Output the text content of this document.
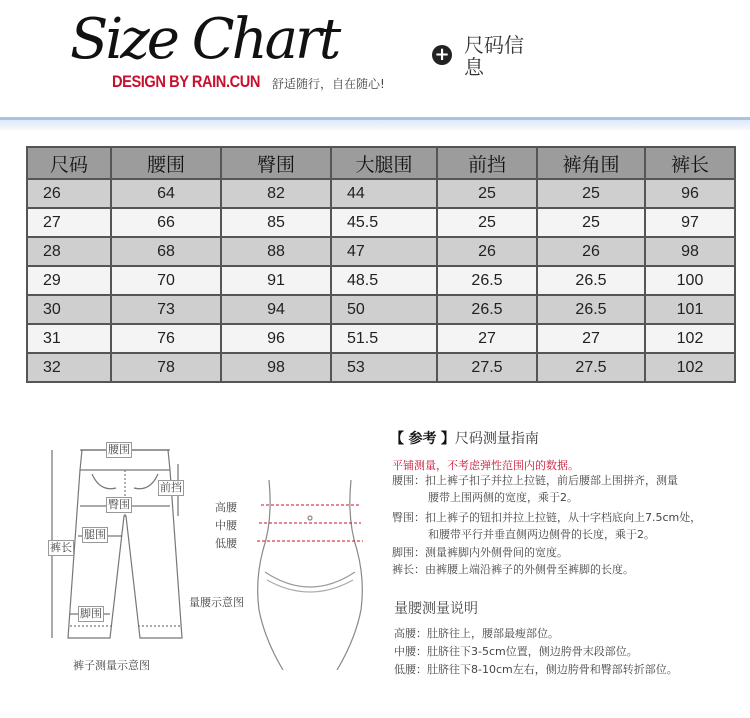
Size Chart
DESIGN BY RAIN.CUN 舒适随行，自在随心!
+ 尺码信息
尺码	腰围	臀围	大腿围	前挡	裤角围	裤长
26	64	82	44	25	25	96
27	66	85	45.5	25	25	97
28	68	88	47	26	26	98
29	70	91	48.5	26.5	26.5	100
30	73	94	50	26.5	26.5	101
31	76	96	51.5	27	27	102
32	78	98	53	27.5	27.5	102
腰围
臀围
前挡
腿围
裤长
脚围
裤子测量示意图
高腰
中腰
低腰
量腰示意图
【 参考 】尺码测量指南
平铺测量，不考虑弹性范围内的数据。
腰围：扣上裤子扣子并拉上拉链，前后腰部上围拼齐，测量
腰带上围两侧的宽度，乘于2。
臀围：扣上裤子的钮扣并拉上拉链，从十字档底向上7.5cm处，
和腰带平行并垂直侧两边侧骨的长度，乘于2。
脚围：测量裤脚内外侧骨间的宽度。
裤长：由裤腰上端沿裤子的外侧骨至裤脚的长度。
量腰测量说明
高腰：肚脐往上，腰部最瘦部位。
中腰：肚脐往下3-5cm位置，侧边胯骨末段部位。
低腰：肚脐往下8-10cm左右，侧边胯骨和臀部转折部位。
